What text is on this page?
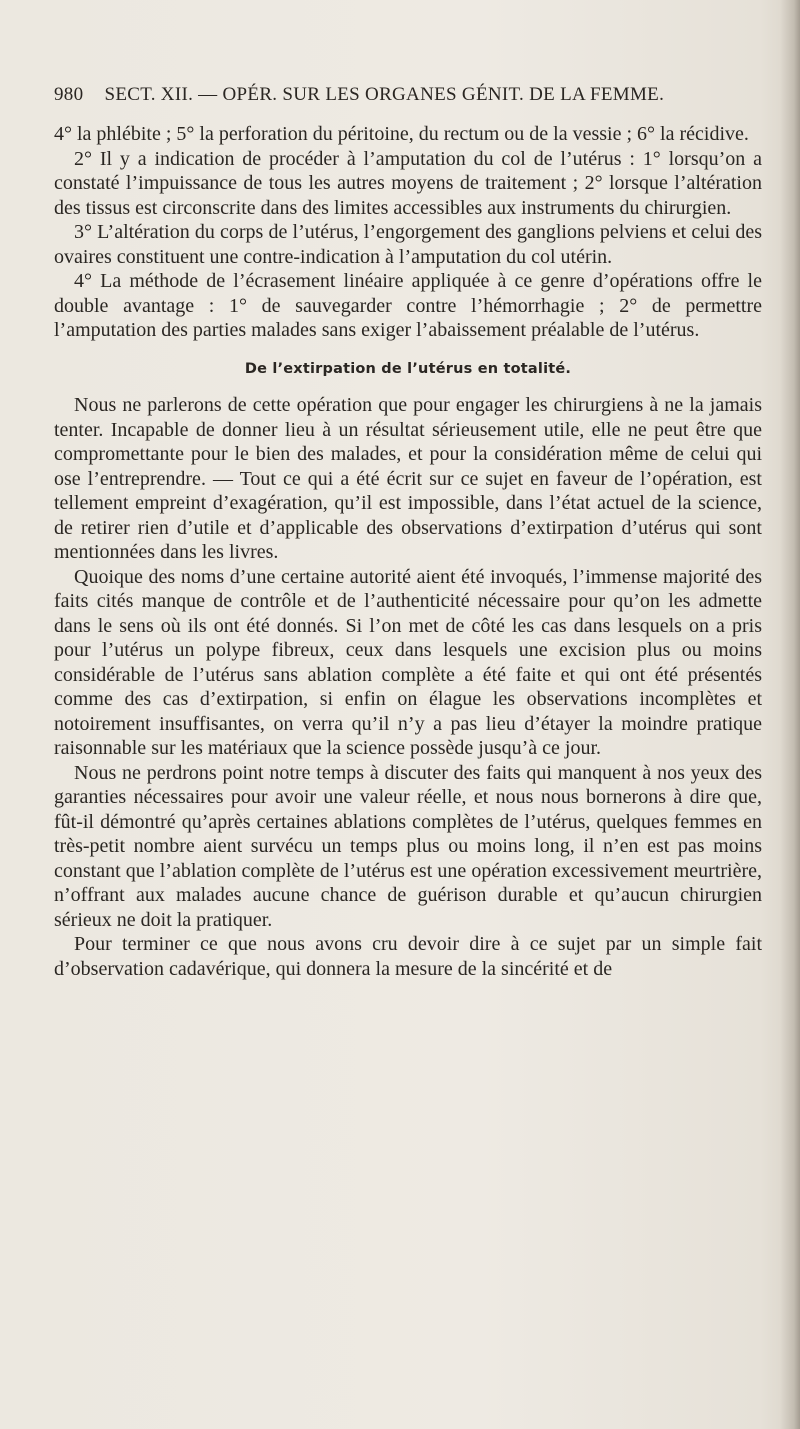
980 SECT. XII. — OPÉR. SUR LES ORGANES GÉNIT. DE LA FEMME.

4° la phlébite ; 5° la perforation du péritoine, du rectum ou de la vessie ; 6° la récidive.

2° Il y a indication de procéder à l’amputation du col de l’utérus : 1° lorsqu’on a constaté l’impuissance de tous les autres moyens de traitement ; 2° lorsque l’altération des tissus est circonscrite dans des limites accessibles aux instruments du chirurgien.

3° L’altération du corps de l’utérus, l’engorgement des ganglions pelviens et celui des ovaires constituent une contre-indication à l’amputation du col utérin.

4° La méthode de l’écrasement linéaire appliquée à ce genre d’opérations offre le double avantage : 1° de sauvegarder contre l’hémorrhagie ; 2° de permettre l’amputation des parties malades sans exiger l’abaissement préalable de l’utérus.

De l’extirpation de l’utérus en totalité.

Nous ne parlerons de cette opération que pour engager les chirurgiens à ne la jamais tenter. Incapable de donner lieu à un résultat sérieusement utile, elle ne peut être que compromettante pour le bien des malades, et pour la considération même de celui qui ose l’entreprendre. — Tout ce qui a été écrit sur ce sujet en faveur de l’opération, est tellement empreint d’exagération, qu’il est impossible, dans l’état actuel de la science, de retirer rien d’utile et d’applicable des observations d’extirpation d’utérus qui sont mentionnées dans les livres.

Quoique des noms d’une certaine autorité aient été invoqués, l’immense majorité des faits cités manque de contrôle et de l’authenticité nécessaire pour qu’on les admette dans le sens où ils ont été donnés. Si l’on met de côté les cas dans lesquels on a pris pour l’utérus un polype fibreux, ceux dans lesquels une excision plus ou moins considérable de l’utérus sans ablation complète a été faite et qui ont été présentés comme des cas d’extirpation, si enfin on élague les observations incomplètes et notoirement insuffisantes, on verra qu’il n’y a pas lieu d’étayer la moindre pratique raisonnable sur les matériaux que la science possède jusqu’à ce jour.

Nous ne perdrons point notre temps à discuter des faits qui manquent à nos yeux des garanties nécessaires pour avoir une valeur réelle, et nous nous bornerons à dire que, fût-il démontré qu’après certaines ablations complètes de l’utérus, quelques femmes en très-petit nombre aient survécu un temps plus ou moins long, il n’en est pas moins constant que l’ablation complète de l’utérus est une opération excessivement meurtrière, n’offrant aux malades aucune chance de guérison durable et qu’aucun chirurgien sérieux ne doit la pratiquer.

Pour terminer ce que nous avons cru devoir dire à ce sujet par un simple fait d’observation cadavérique, qui donnera la mesure de la sincérité et de
